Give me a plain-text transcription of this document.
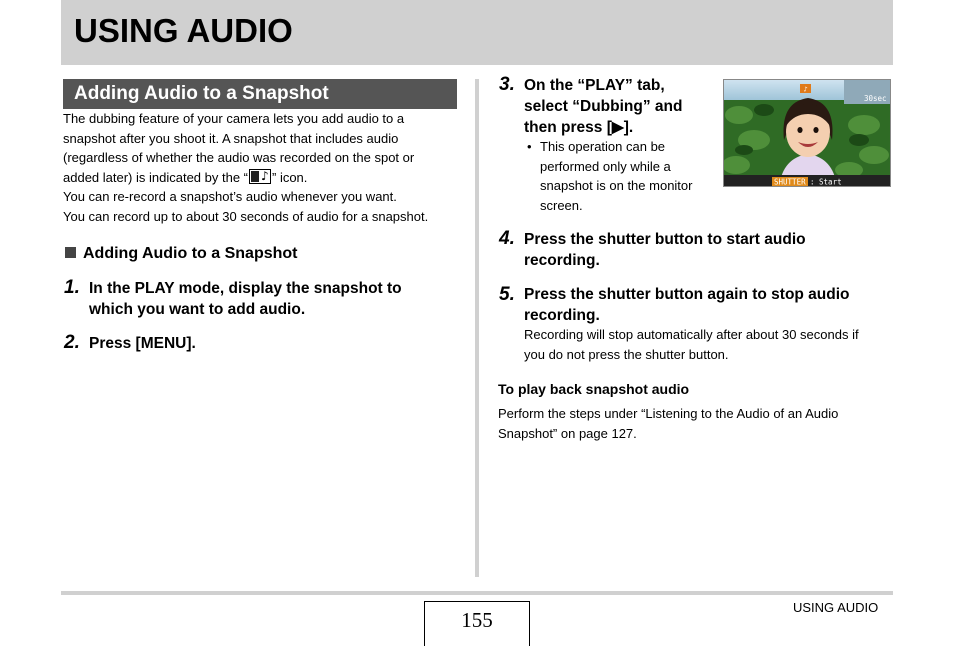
USING AUDIO
Adding Audio to a Snapshot

The dubbing feature of your camera lets you add audio to a

snapshot after you shoot it. A snapshot that includes audio

(regardless of whether the audio was recorded on the spot or

added later) is indicated by the “ ♪ ” icon.

You can re-record a snapshot’s audio whenever you want.

You can record up to about 30 seconds of audio for a snapshot.

Adding Audio to a Snapshot
1. In the PLAY mode, display the snapshot to
which you want to add audio.
2. Press [MENU].
3. On the “PLAY” tab,
select “Dubbing” and
then press [▶].
• This operation can be
performed only while a
snapshot is on the monitor
screen.
♪
30sec
SHUTTER : Start
4. Press the shutter button to start audio
recording.
5. Press the shutter button again to stop audio
recording.
Recording will stop automatically after about 30 seconds if
you do not press the shutter button.
To play back snapshot audio
Perform the steps under “Listening to the Audio of an Audio
Snapshot” on page 127.
155
USING AUDIO
